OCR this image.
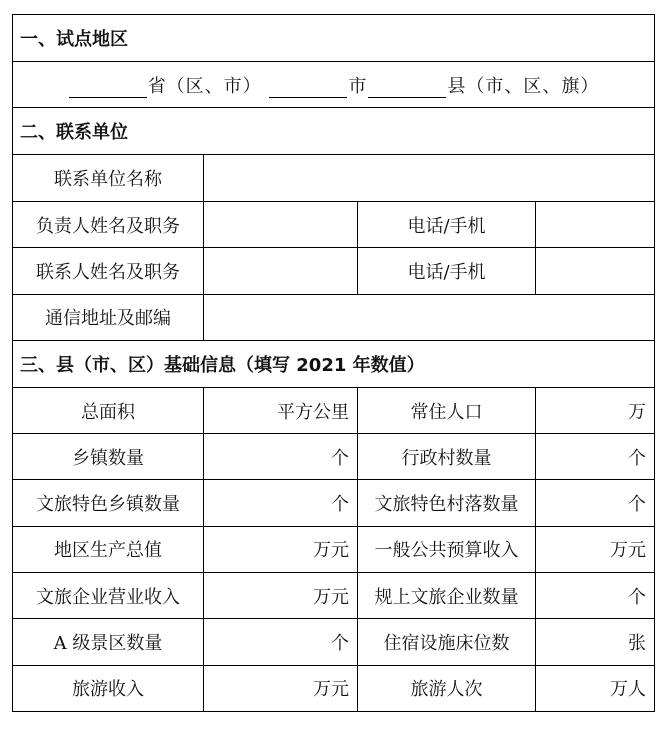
一、试点地区			
省（区、市） 市 县（市、区、旗）			
二、联系单位			
联系单位名称			
负责人姓名及职务		电话/手机	
联系人姓名及职务		电话/手机	
通信地址及邮编			
三、县（市、区）基础信息（填写 2021 年数值）			
总面积	平方公里	常住人口	万
乡镇数量	个	行政村数量	个
文旅特色乡镇数量	个	文旅特色村落数量	个
地区生产总值	万元	一般公共预算收入	万元
文旅企业营业收入	万元	规上文旅企业数量	个
A 级景区数量	个	住宿设施床位数	张
旅游收入	万元	旅游人次	万人
